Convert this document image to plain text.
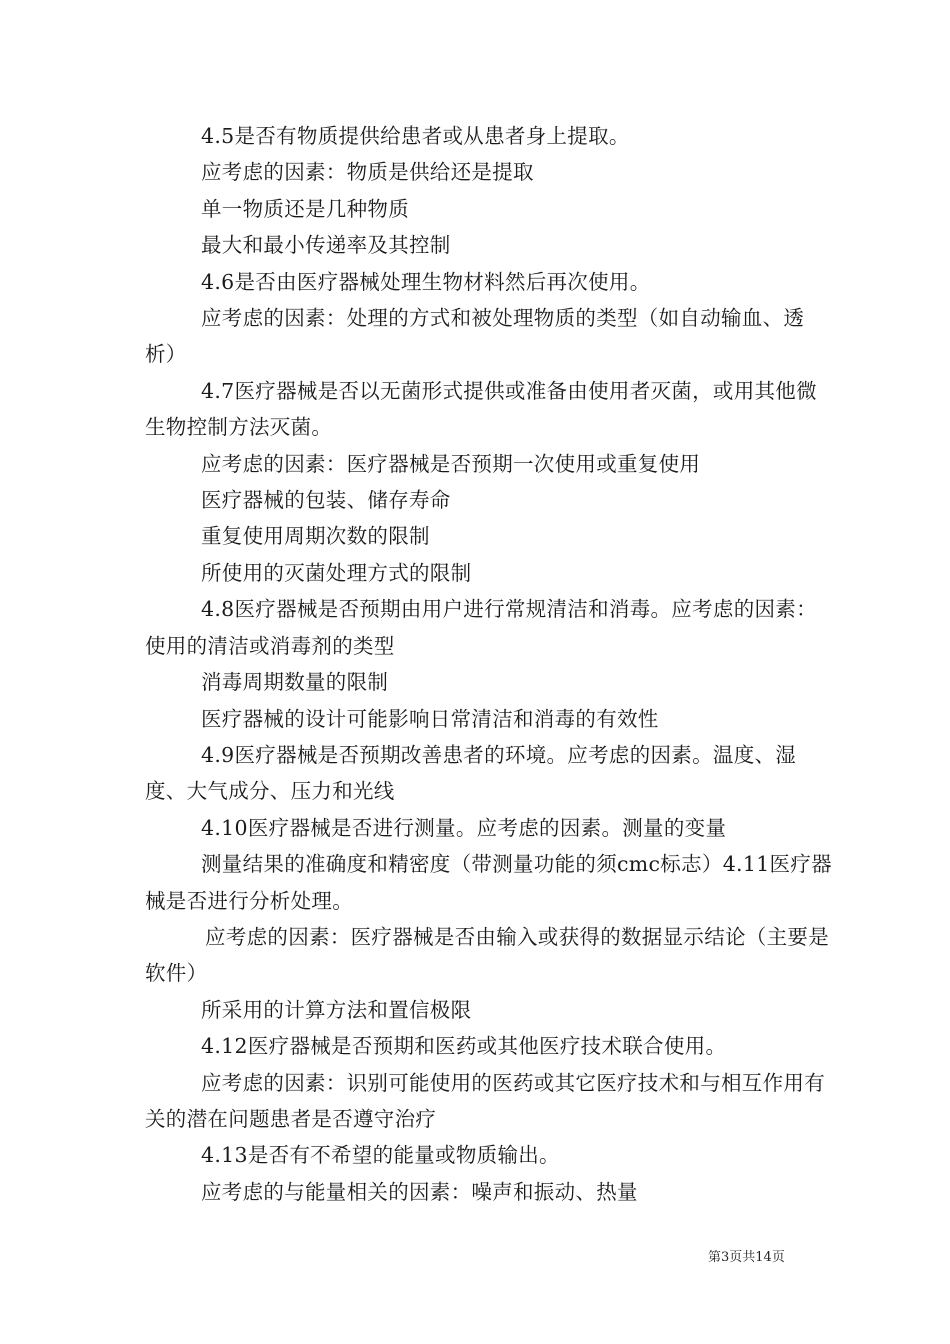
4.5是否有物质提供给患者或从患者身上提取。

应考虑的因素：物质是供给还是提取

单一物质还是几种物质

最大和最小传递率及其控制

4.6是否由医疗器械处理生物材料然后再次使用。

应考虑的因素：处理的方式和被处理物质的类型（如自动输血、透析）

4.7医疗器械是否以无菌形式提供或准备由使用者灭菌，或用其他微生物控制方法灭菌。

应考虑的因素：医疗器械是否预期一次使用或重复使用

医疗器械的包装、储存寿命

重复使用周期次数的限制

所使用的灭菌处理方式的限制

4.8医疗器械是否预期由用户进行常规清洁和消毒。应考虑的因素：使用的清洁或消毒剂的类型

消毒周期数量的限制

医疗器械的设计可能影响日常清洁和消毒的有效性

4.9医疗器械是否预期改善患者的环境。应考虑的因素。温度、湿度、大气成分、压力和光线

4.10医疗器械是否进行测量。应考虑的因素。测量的变量

测量结果的准确度和精密度（带测量功能的须cmc标志）4.11医疗器械是否进行分析处理。

应考虑的因素：医疗器械是否由输入或获得的数据显示结论（主要是软件）

所采用的计算方法和置信极限

4.12医疗器械是否预期和医药或其他医疗技术联合使用。

应考虑的因素：识别可能使用的医药或其它医疗技术和与相互作用有关的潜在问题患者是否遵守治疗

4.13是否有不希望的能量或物质输出。

应考虑的与能量相关的因素：噪声和振动、热量

第3页共14页
